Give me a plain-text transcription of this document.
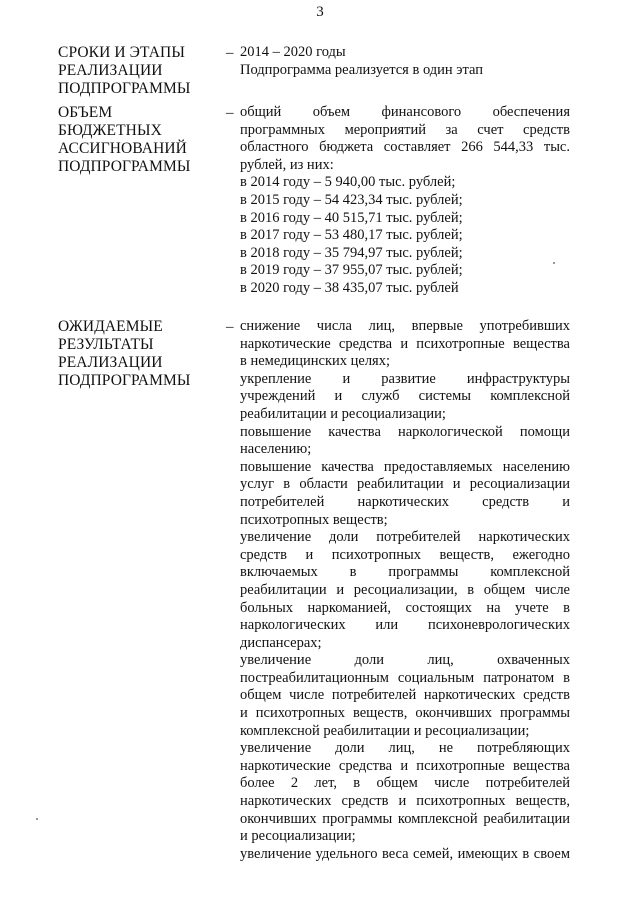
3
СРОКИ И ЭТАПЫ
РЕАЛИЗАЦИИ
ПОДПРОГРАММЫ
– 2014 – 2020 годы
Подпрограмма реализуется в один этап
ОБЪЕМ
БЮДЖЕТНЫХ
АССИГНОВАНИЙ
ПОДПРОГРАММЫ
– общий объем финансового обеспечения
программных мероприятий за счет средств
областного бюджета составляет 266 544,33 тыс.
рублей, из них:
в 2014 году – 5 940,00 тыс. рублей;
в 2015 году – 54 423,34 тыс. рублей;
в 2016 году – 40 515,71 тыс. рублей;
в 2017 году – 53 480,17 тыс. рублей;
в 2018 году – 35 794,97 тыс. рублей;
в 2019 году – 37 955,07 тыс. рублей;
в 2020 году – 38 435,07 тыс. рублей
ОЖИДАЕМЫЕ
РЕЗУЛЬТАТЫ
РЕАЛИЗАЦИИ
ПОДПРОГРАММЫ
– снижение числа лиц, впервые употребивших
наркотические средства и психотропные вещества
в немедицинских целях;
укрепление и развитие инфраструктуры
учреждений и служб системы комплексной
реабилитации и ресоциализации;
повышение качества наркологической помощи
населению;
повышение качества предоставляемых населению
услуг в области реабилитации и ресоциализации
потребителей наркотических средств и
психотропных веществ;
увеличение доли потребителей наркотических
средств и психотропных веществ, ежегодно
включаемых в программы комплексной
реабилитации и ресоциализации, в общем числе
больных наркоманией, состоящих на учете в
наркологических или психоневрологических
диспансерах;
увеличение доли лиц, охваченных
постреабилитационным социальным патронатом в
общем числе потребителей наркотических средств
и психотропных веществ, окончивших программы
комплексной реабилитации и ресоциализации;
увеличение доли лиц, не потребляющих
наркотические средства и психотропные вещества
более 2 лет, в общем числе потребителей
наркотических средств и психотропных веществ,
окончивших программы комплексной реабилитации
и ресоциализации;
увеличение удельного веса семей, имеющих в своем
